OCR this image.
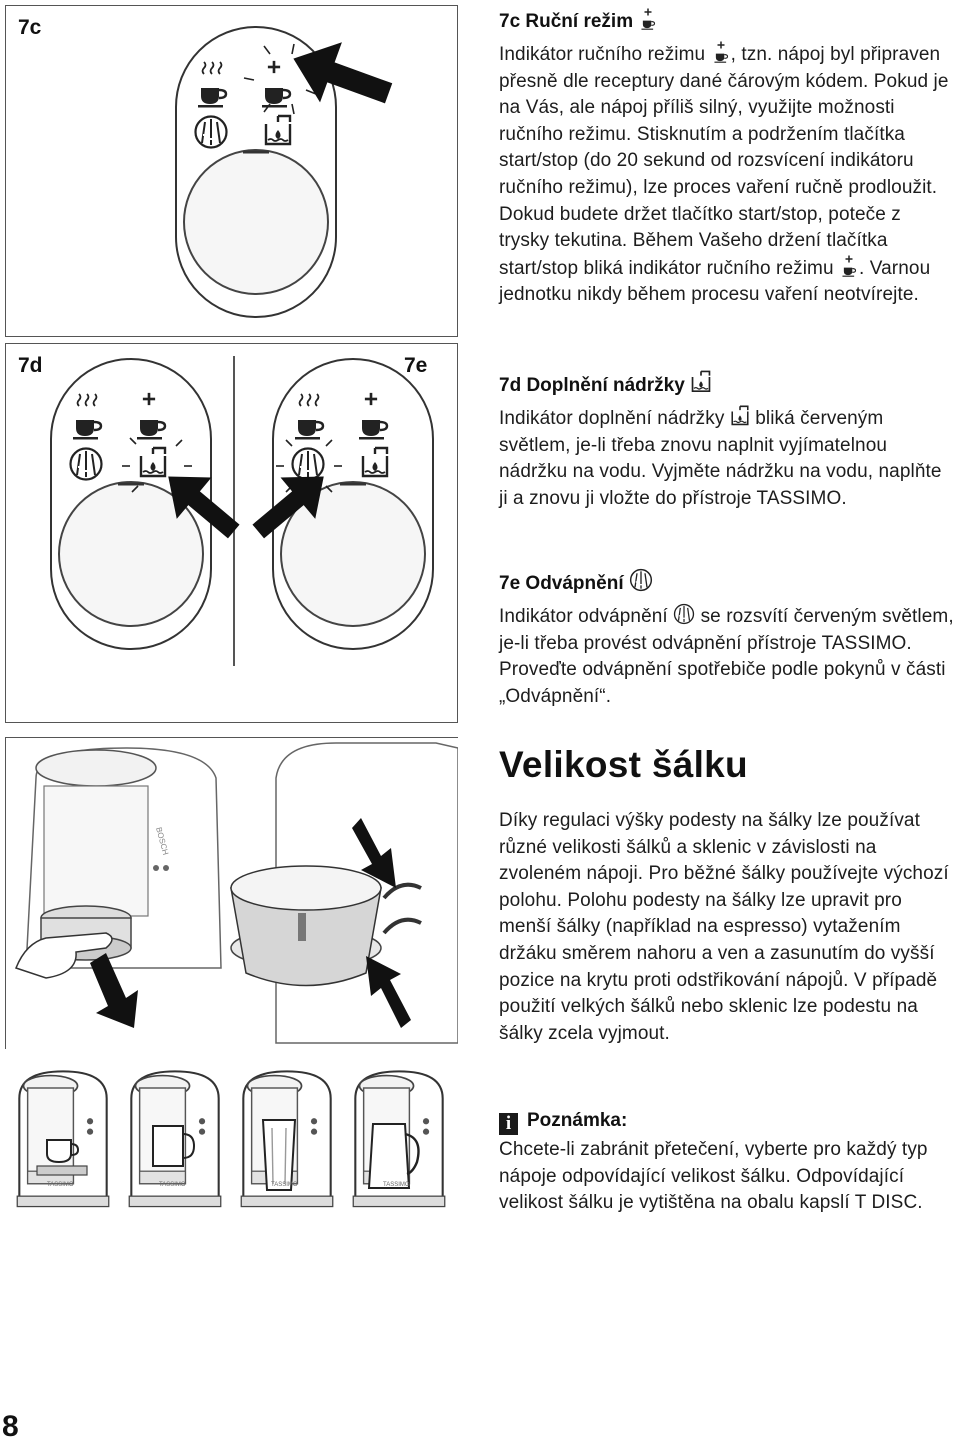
7c
7d	7e
BOSCH
TASSIMO	TASSIMO	TASSIMO	TASSIMO
7c Ruční režim

Indikátor ručního režimu , tzn. nápoj byl připraven přesně dle receptury dané čárovým kódem. Pokud je na Vás, ale nápoj příliš silný, využijte možnosti ručního režimu. Stisknutím a podržením tlačítka start/stop (do 20 sekund od rozsvícení indikátoru ručního režimu), lze proces vaření ručně prodloužit. Dokud budete držet tlačítko start/stop, poteče z trysky tekutina. Během Vašeho držení tlačítka start/stop bliká indikátor ručního režimu . Varnou jednotku nikdy během procesu vaření neotvírejte.

7d Doplnění nádržky

Indikátor doplnění nádržky  bliká červeným světlem, je-li třeba znovu naplnit vyjímatelnou nádržku na vodu. Vyjměte nádržku na vodu, naplňte ji a znovu ji vložte do přístroje TASSIMO.

7e Odvápnění

Indikátor odvápnění  se rozsvítí červeným světlem, je-li třeba provést odvápnění přístroje TASSIMO. Proveďte odvápnění spotřebiče podle pokynů v části „Odvápnění“.

Velikost šálku

Díky regulaci výšky podesty na šálky lze používat různé velikosti šálků a sklenic v závislosti na zvoleném nápoji. Pro běžné šálky používejte výchozí polohu. Polohu podesty na šálky lze upravit pro menší šálky (například na espresso) vytažením držáku směrem nahoru a ven a zasunutím do vyšší pozice na krytu proti odstřikování nápojů. V případě použití velkých šálků nebo sklenic lze podestu na šálky zcela vyjmout.

i Poznámka:

Chcete-li zabránit přetečení, vyberte pro každý typ nápoje odpovídající velikost šálku. Odpovídající velikost šálku je vytištěna na obalu kapslí T DISC.

8
